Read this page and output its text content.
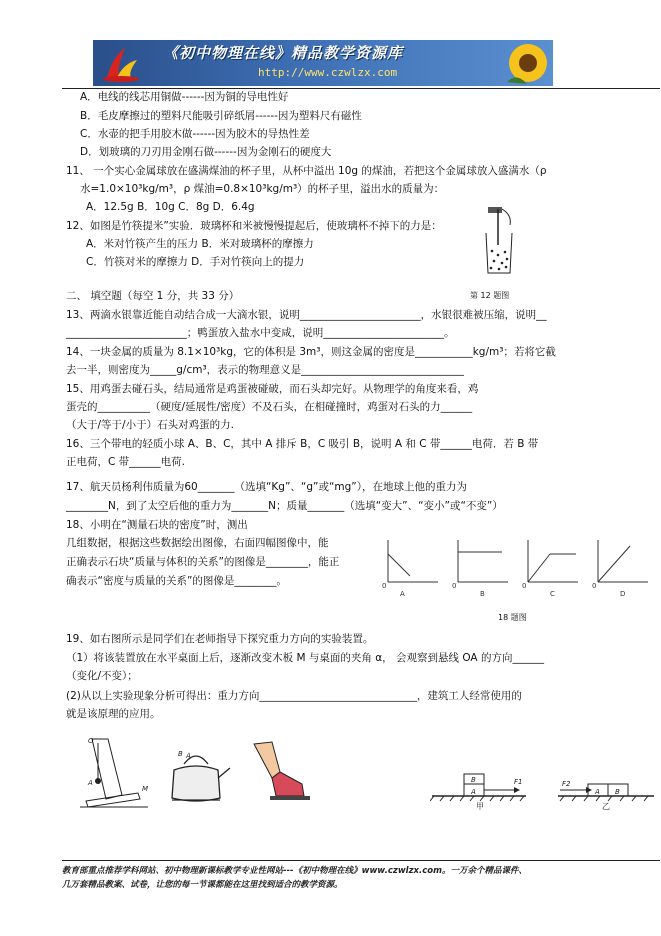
《初中物理在线》精品教学资源库
http://www.czwlzx.com
A．电线的线芯用铜做------因为铜的导电性好
B．毛皮摩擦过的塑料尺能吸引碎纸屑------因为塑料尺有磁性
C．水壶的把手用胶木做------因为胶木的导热性差
D．划玻璃的刀刃用金刚石做------因为金刚石的硬度大
11、 一个实心金属球放在盛满煤油的杯子里，从杯中溢出 10g 的煤油，若把这个金属球放入盛满水（ρ
水=1.0×10³kg/m³，ρ 煤油=0.8×10³kg/m³）的杯子里，溢出水的质量为：
A．12.5g B．10g C．8g D．6.4g
12、如图是竹筷提米”实验．玻璃杯和米被慢慢提起后，使玻璃杯不掉下的力是：
A．米对竹筷产生的压力 B．米对玻璃杯的摩擦力
C．竹筷对米的摩擦力 D．手对竹筷向上的提力
二、 填空题（每空 1 分，共 33 分）
13、两滴水银靠近能自动结合成一大滴水银，说明_______________________，水银很难被压缩，说明__
_______________________；鸭蛋放入盐水中变咸，说明_______________________。
14、一块金属的质量为 8.1×10³kg，它的体积是 3m³，则这金属的密度是___________kg/m³；若将它截
去一半，则密度为_____g/cm³，表示的物理意义是_______________________________
15、用鸡蛋去碰石头，结局通常是鸡蛋被碰破，而石头却完好。从物理学的角度来看，鸡
蛋壳的__________（硬度/延展性/密度）不及石头，在相碰撞时，鸡蛋对石头的力______
（大于/等于/小于）石头对鸡蛋的力.
16、三个带电的轻质小球 A、B、C，其中 A 排斥 B，C 吸引 B，说明 A 和 C 带______电荷．若 B 带
正电荷，C 带______电荷.
17、航天员杨利伟质量为60_______（选填“Kg”、“g”或“mg”），在地球上他的重力为
________N，到了太空后他的重力为_______N；质量_______（选填“变大”、“变小”或“不变”）
18、小明在“测量石块的密度”时，测出
几组数据，根据这些数据绘出图像，右面四幅图像中，能
正确表示石块“质量与体积的关系”的图像是________，能正
确表示“密度与质量的关系”的图像是________。
19、如右图所示是同学们在老师指导下探究重力方向的实验装置。
（1）将该装置放在水平桌面上后，逐渐改变木板 M 与桌面的夹角 α， 会观察到悬线 OA 的方向______
（变化/不变）；
(2)从以上实验现象分析可得出：重力方向______________________________，建筑工人经常使用的
就是该原理的应用。
第 12 题图
0	0	0	0
A	B	C	D
18 题图
O
A
M
B A
B
A
F1
甲
F2
A B
乙
教育部重点推荐学科网站、初中物理新课标教学专业性网站---《初中物理在线》www.czwlzx.com。一万余个精品课件、
几万套精品教案、试卷，让您的每一节课都能在这里找到适合的教学资源。
